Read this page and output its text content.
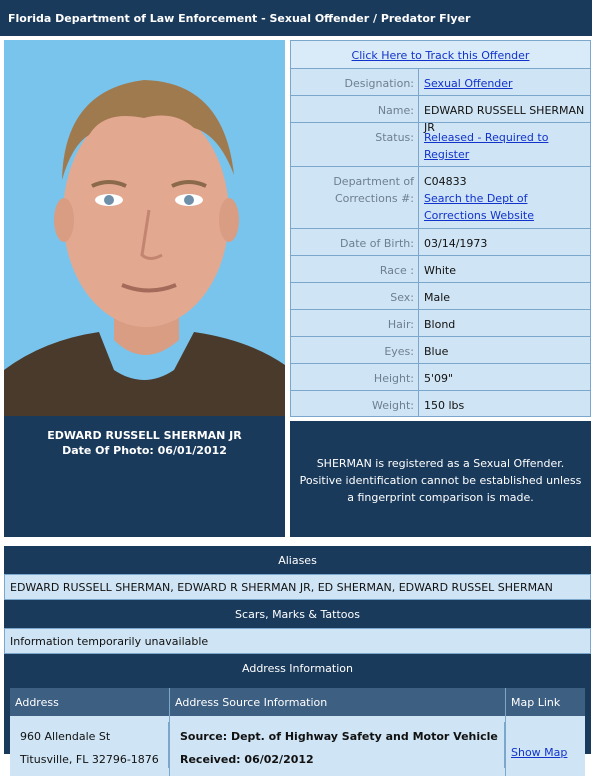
Florida Department of Law Enforcement - Sexual Offender / Predator Flyer
EDWARD RUSSELL SHERMAN JR
Date Of Photo: 06/01/2012
Click Here to Track this Offender
Designation: Sexual Offender
Name: EDWARD RUSSELL SHERMAN JR
Status: Released - Required to Register
Department of Corrections #:
C04833
Search the Dept of Corrections Website
Date of Birth: 03/14/1973
Race : White
Sex: Male
Hair: Blond
Eyes: Blue
Height: 5'09"
Weight: 150 lbs
SHERMAN is registered as a Sexual Offender. Positive identification cannot be established unless a fingerprint comparison is made.
Aliases
EDWARD RUSSELL SHERMAN, EDWARD R SHERMAN JR, ED SHERMAN, EDWARD RUSSEL SHERMAN
Scars, Marks & Tattoos
Information temporarily unavailable
Address Information
Address	Address Source Information	Map Link
960 Allendale St
Titusville, FL 32796-1876
Source: Dept. of Highway Safety and Motor Vehicle
Received: 06/02/2012
Show Map
